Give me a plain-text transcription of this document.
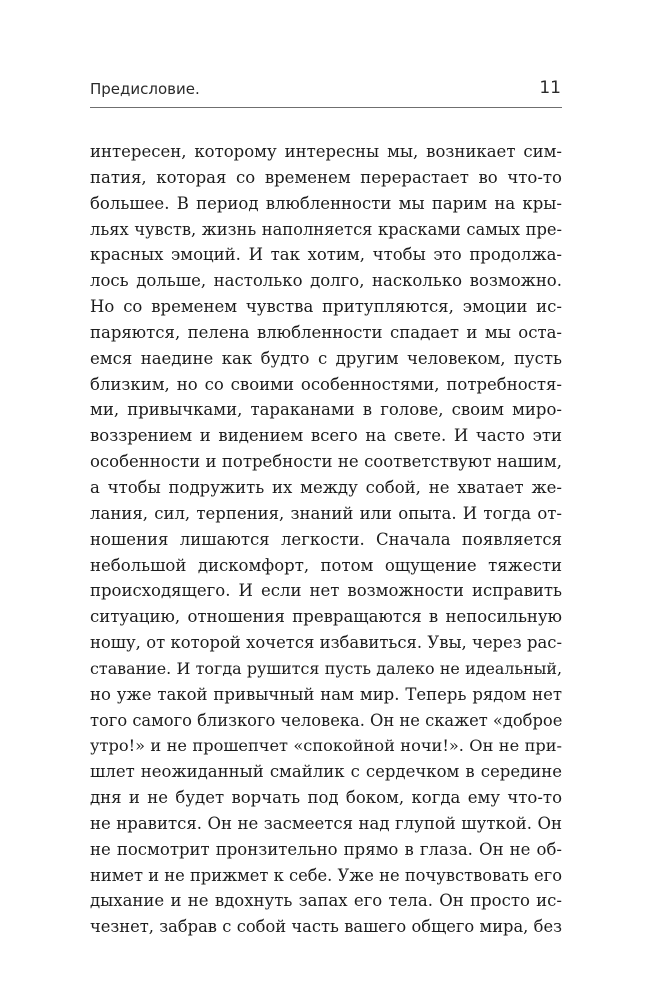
Предисловие.	11
интересен, которому интересны мы, возникает сим-
патия, которая со временем перерастает во что-то
большее. В период влюбленности мы парим на кры-
льях чувств, жизнь наполняется красками самых пре-
красных эмоций. И так хотим, чтобы это продолжа-
лось дольше, настолько долго, насколько возможно.
Но со временем чувства притупляются, эмоции ис-
паряются, пелена влюбленности спадает и мы оста-
емся наедине как будто с другим человеком, пусть
близким, но со своими особенностями, потребностя-
ми, привычками, тараканами в голове, своим миро-
воззрением и видением всего на свете. И часто эти
особенности и потребности не соответствуют нашим,
а чтобы подружить их между собой, не хватает же-
лания, сил, терпения, знаний или опыта. И тогда от-
ношения лишаются легкости. Сначала появляется
небольшой дискомфорт, потом ощущение тяжести
происходящего. И если нет возможности исправить
ситуацию, отношения превращаются в непосильную
ношу, от которой хочется избавиться. Увы, через рас-
ставание. И тогда рушится пусть далеко не идеальный,
но уже такой привычный нам мир. Теперь рядом нет
того самого близкого человека. Он не скажет «доброе
утро!» и не прошепчет «спокойной ночи!». Он не при-
шлет неожиданный смайлик с сердечком в середине
дня и не будет ворчать под боком, когда ему что-то
не нравится. Он не засмеется над глупой шуткой. Он
не посмотрит пронзительно прямо в глаза. Он не об-
нимет и не прижмет к себе. Уже не почувствовать его
дыхание и не вдохнуть запах его тела. Он просто ис-
чезнет, забрав с собой часть вашего общего мира, без
